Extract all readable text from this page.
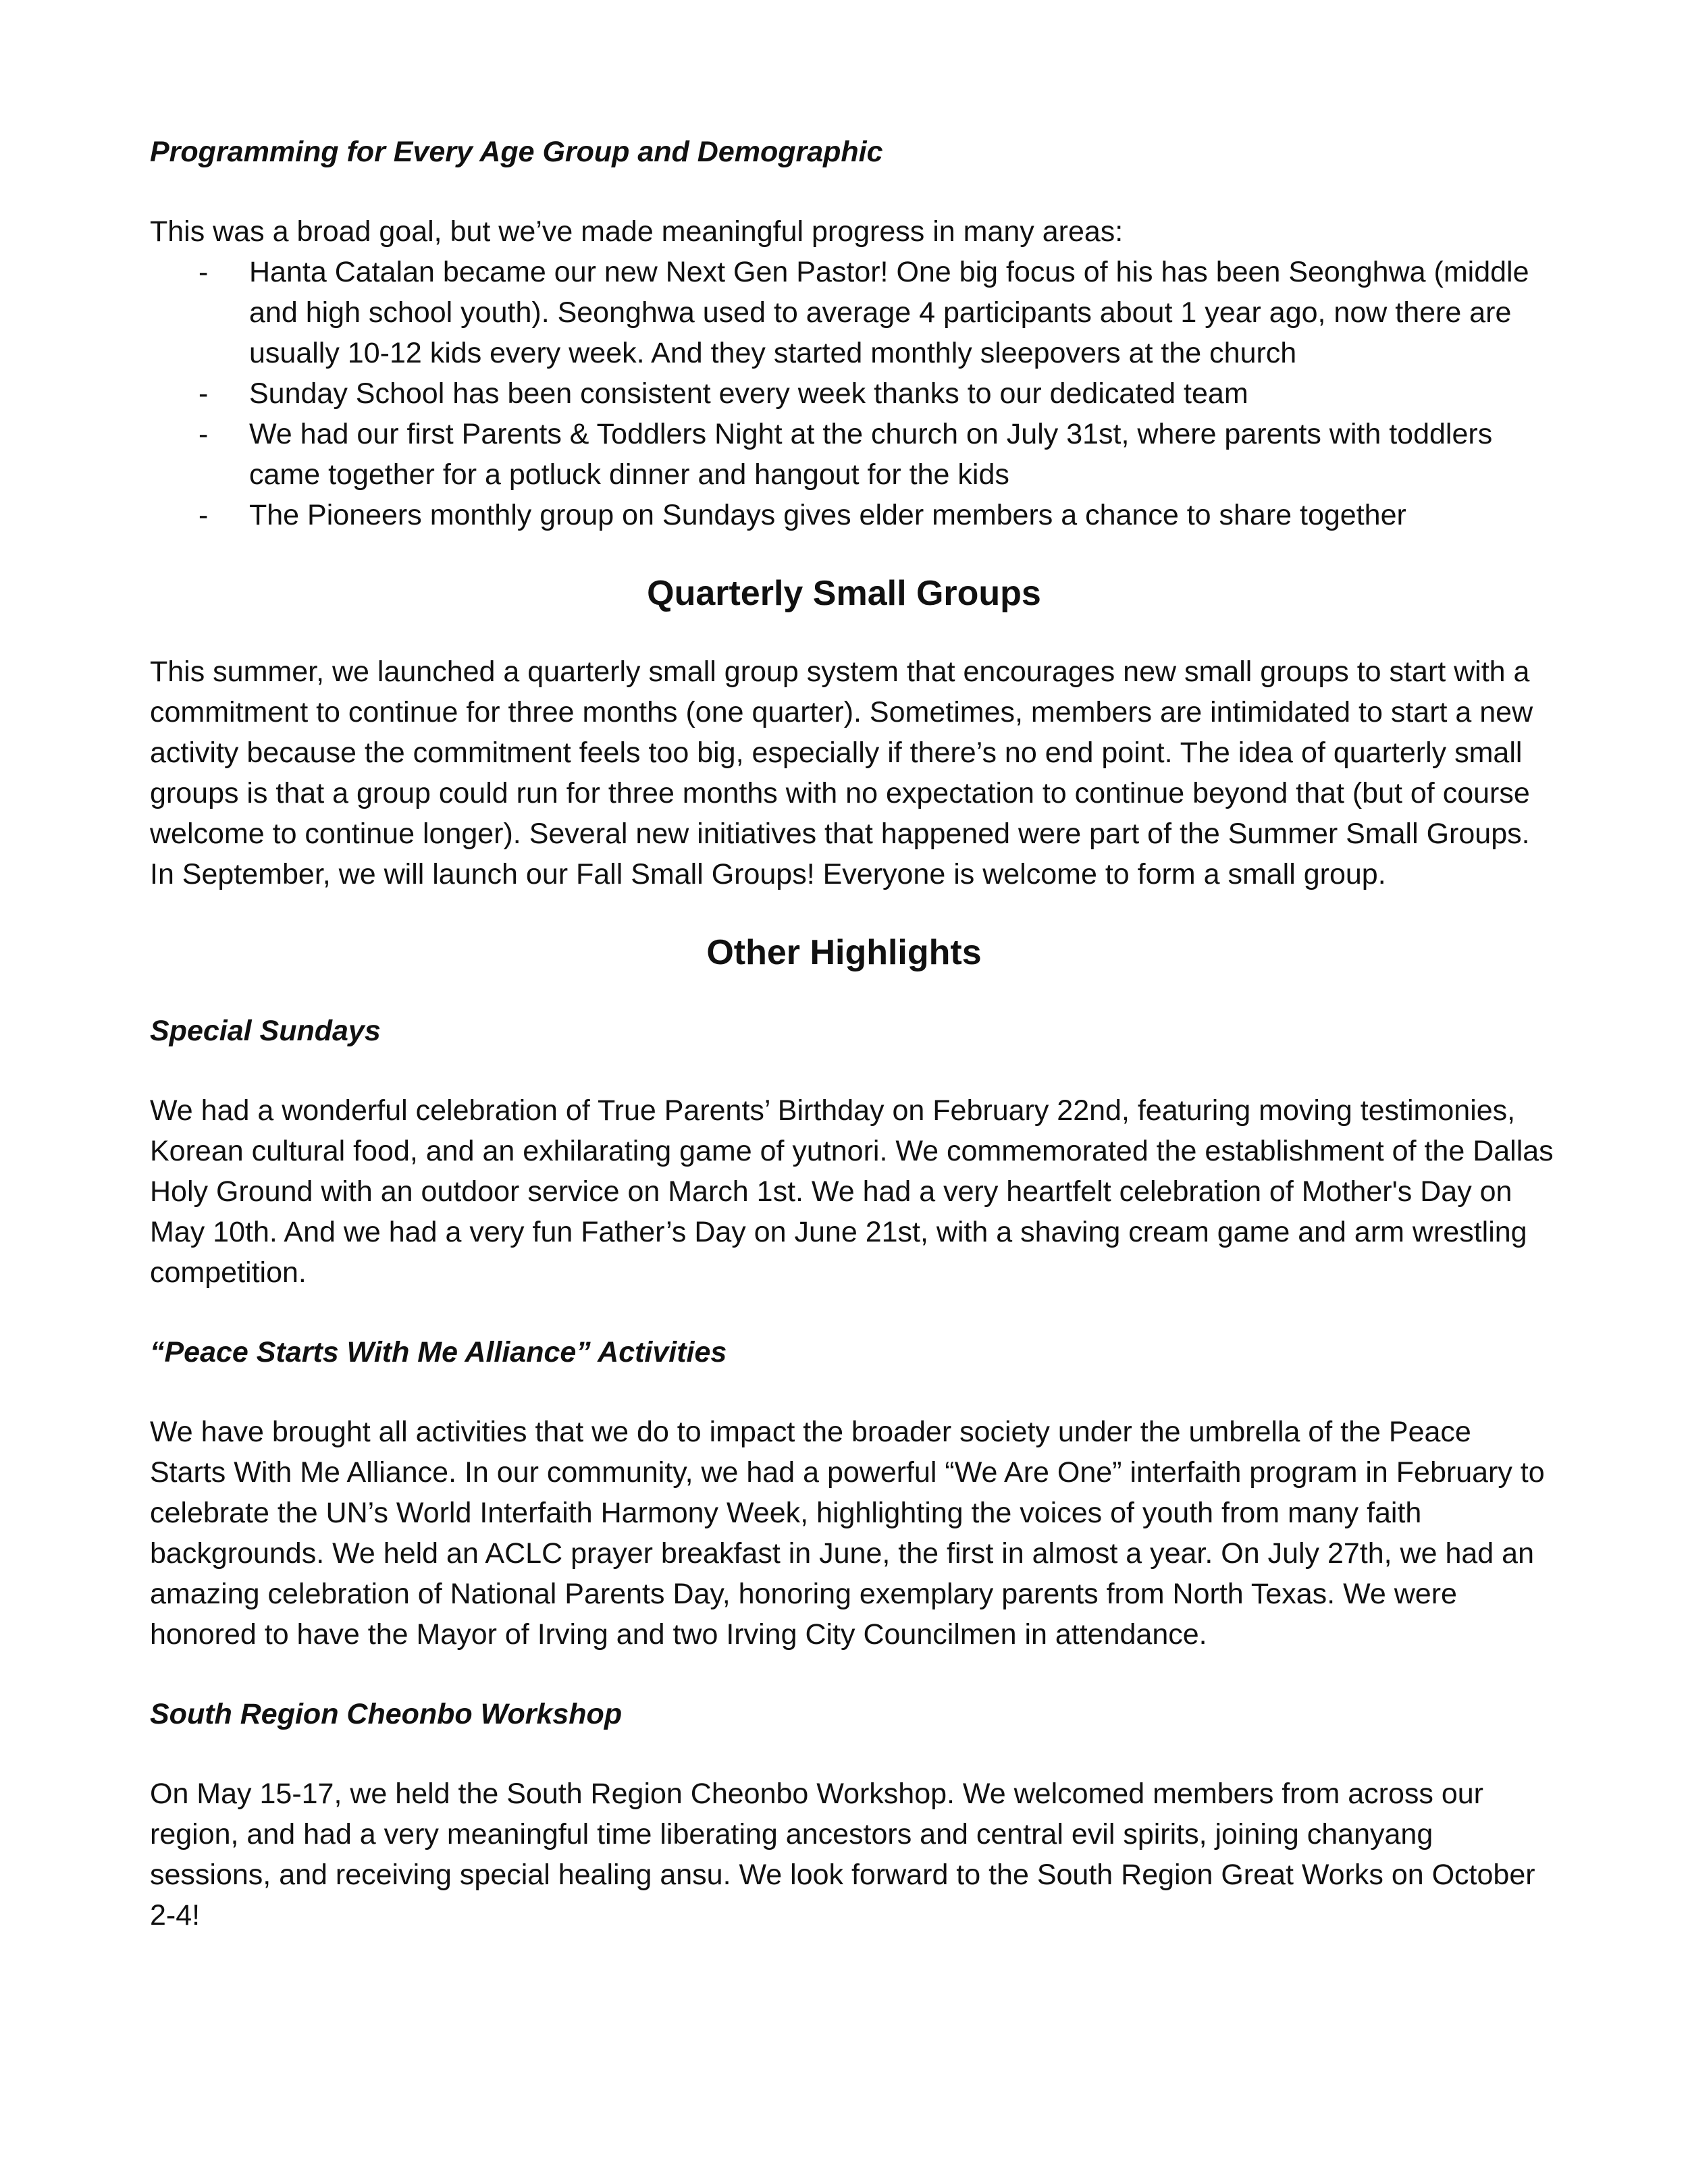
Programming for Every Age Group and Demographic

This was a broad goal, but we’ve made meaningful progress in many areas:

- Hanta Catalan became our new Next Gen Pastor! One big focus of his has been Seonghwa (middle and high school youth). Seonghwa used to average 4 participants about 1 year ago, now there are usually 10-12 kids every week. And they started monthly sleepovers at the church
- Sunday School has been consistent every week thanks to our dedicated team
- We had our first Parents & Toddlers Night at the church on July 31st, where parents with toddlers came together for a potluck dinner and hangout for the kids
- The Pioneers monthly group on Sundays gives elder members a chance to share together
Quarterly Small Groups

This summer, we launched a quarterly small group system that encourages new small groups to start with a commitment to continue for three months (one quarter). Sometimes, members are intimidated to start a new activity because the commitment feels too big, especially if there’s no end point. The idea of quarterly small groups is that a group could run for three months with no expectation to continue beyond that (but of course welcome to continue longer). Several new initiatives that happened were part of the Summer Small Groups. In September, we will launch our Fall Small Groups! Everyone is welcome to form a small group.

Other Highlights

Special Sundays

We had a wonderful celebration of True Parents’ Birthday on February 22nd, featuring moving testimonies, Korean cultural food, and an exhilarating game of yutnori. We commemorated the establishment of the Dallas Holy Ground with an outdoor service on March 1st. We had a very heartfelt celebration of Mother's Day on May 10th. And we had a very fun Father’s Day on June 21st, with a shaving cream game and arm wrestling competition.

“Peace Starts With Me Alliance” Activities

We have brought all activities that we do to impact the broader society under the umbrella of the Peace Starts With Me Alliance. In our community, we had a powerful “We Are One” interfaith program in February to celebrate the UN’s World Interfaith Harmony Week, highlighting the voices of youth from many faith backgrounds. We held an ACLC prayer breakfast in June, the first in almost a year. On July 27th, we had an amazing celebration of National Parents Day, honoring exemplary parents from North Texas. We were honored to have the Mayor of Irving and two Irving City Councilmen in attendance.

South Region Cheonbo Workshop

On May 15-17, we held the South Region Cheonbo Workshop. We welcomed members from across our region, and had a very meaningful time liberating ancestors and central evil spirits, joining chanyang sessions, and receiving special healing ansu. We look forward to the South Region Great Works on October 2-4!
